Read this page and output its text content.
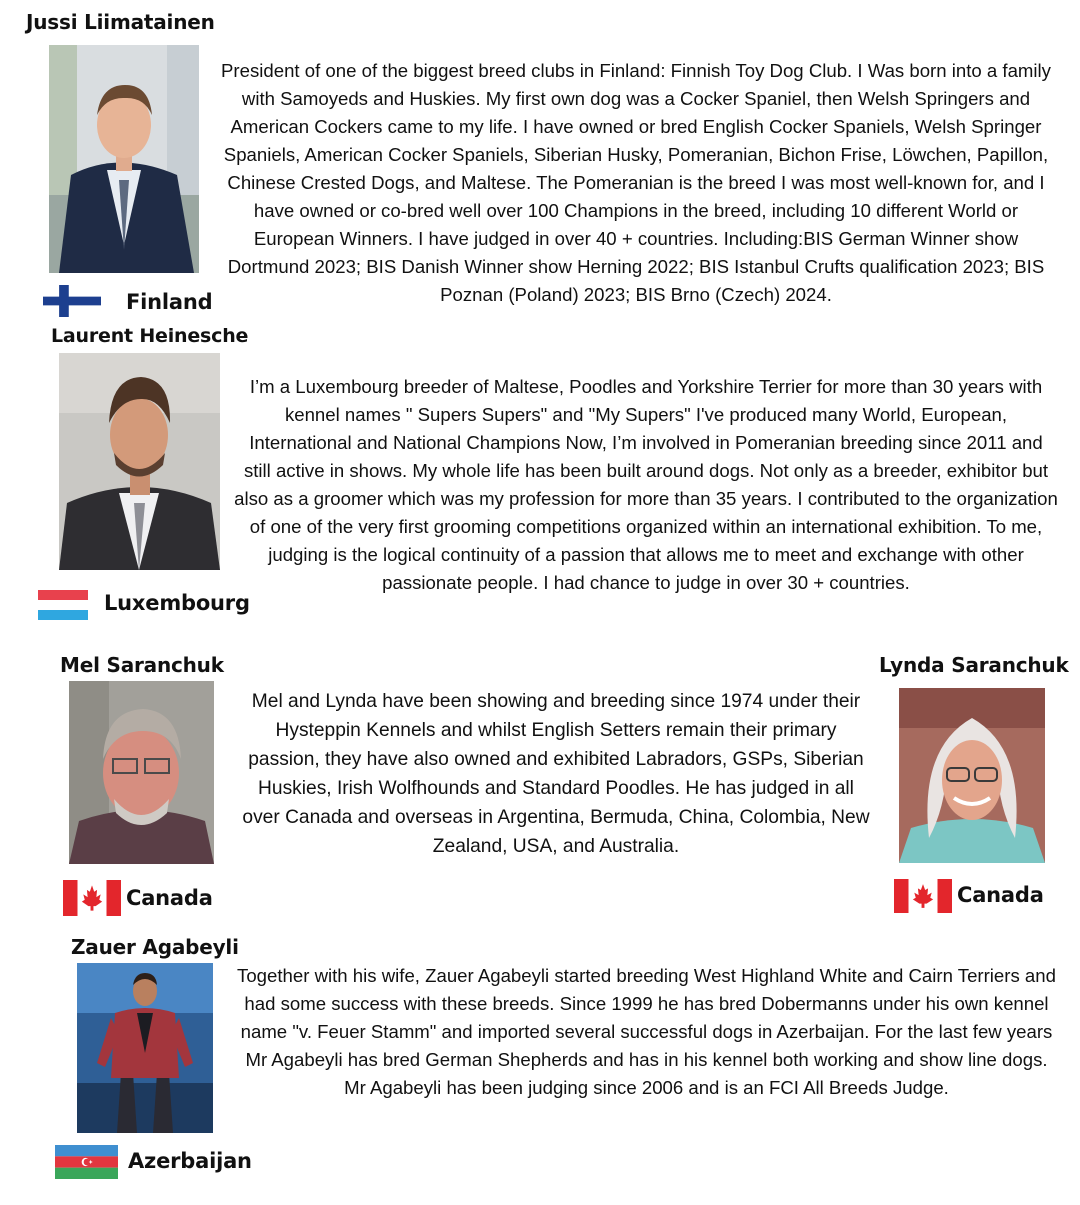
Jussi Liimatainen
Finland
President of one of the biggest breed clubs in Finland: Finnish Toy Dog Club. I Was born into a family with Samoyeds and Huskies. My first own dog was a Cocker Spaniel, then Welsh Springers and American Cockers came to my life. I have owned or bred English Cocker Spaniels, Welsh Springer Spaniels, American Cocker Spaniels, Siberian Husky, Pomeranian, Bichon Frise, Löwchen, Papillon, Chinese Crested Dogs, and Maltese. The Pomeranian is the breed I was most well-known for, and I have owned or co-bred well over 100 Champions in the breed, including 10 different World or European Winners. I have judged in over 40 + countries. Including:BIS German Winner show Dortmund 2023; BIS Danish Winner show Herning 2022; BIS Istanbul Crufts qualification 2023; BIS Poznan (Poland) 2023; BIS Brno (Czech) 2024.
Laurent Heinesche
Luxembourg
I’m a Luxembourg breeder of Maltese, Poodles and Yorkshire Terrier for more than 30 years with kennel names " Supers Supers" and "My Supers" I've produced many World, European, International and National Champions Now, I’m involved in Pomeranian breeding since 2011 and still active in shows. My whole life has been built around dogs. Not only as a breeder, exhibitor but also as a groomer which was my profession for more than 35 years. I contributed to the organization of one of the very first grooming competitions organized within an international exhibition. To me, judging is the logical continuity of a passion that allows me to meet and exchange with other passionate people. I had chance to judge in over 30 + countries.
Mel Saranchuk
Canada
Mel and Lynda have been showing and breeding since 1974 under their Hysteppin Kennels and whilst English Setters remain their primary passion, they have also owned and exhibited Labradors, GSPs, Siberian Huskies, Irish Wolfhounds and Standard Poodles. He has judged in all over Canada and overseas in Argentina, Bermuda, China, Colombia, New Zealand, USA, and Australia.
Lynda Saranchuk
Canada
Zauer Agabeyli
Azerbaijan
Together with his wife, Zauer Agabeyli started breeding West Highland White and Cairn Terriers and had some success with these breeds. Since 1999 he has bred Dobermanns under his own kennel name "v. Feuer Stamm" and imported several successful dogs in Azerbaijan. For the last few years Mr Agabeyli has bred German Shepherds and has in his kennel both working and show line dogs. Mr Agabeyli has been judging since 2006 and is an FCI All Breeds Judge.
